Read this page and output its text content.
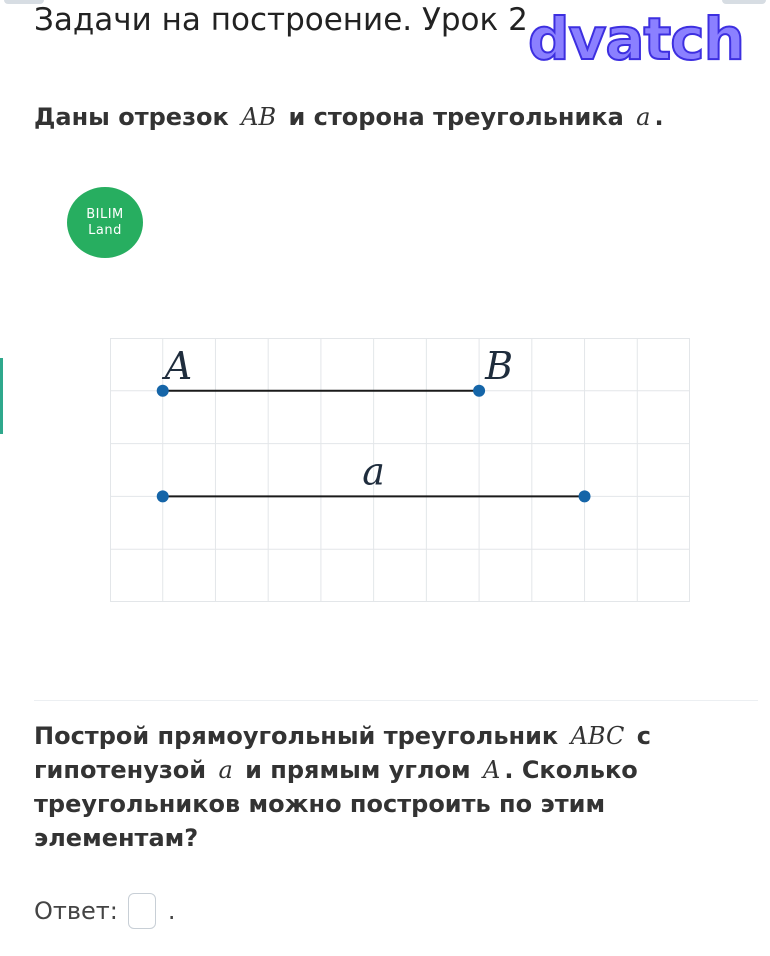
Задачи на построение. Урок 2 dvatch

Даны отрезок AB и сторона треугольника a .

BILIM
Land
A	B
a

Построй прямоугольный треугольник ABC с гипотенузой a и прямым углом A . Сколько треугольников можно построить по этим элементам?

Ответ: .
